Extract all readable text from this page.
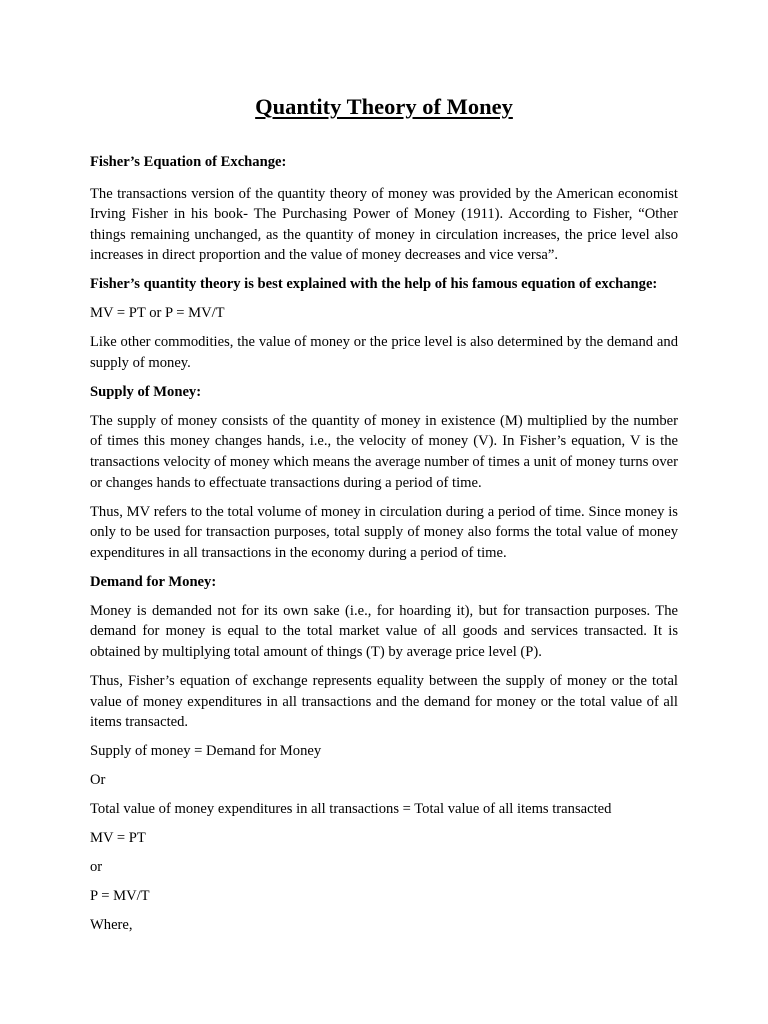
Quantity Theory of Money
Fisher’s Equation of Exchange:

The transactions version of the quantity theory of money was provided by the American economist Irving Fisher in his book- The Purchasing Power of Money (1911). According to Fisher, “Other things remaining unchanged, as the quantity of money in circulation increases, the price level also increases in direct proportion and the value of money decreases and vice versa”.

Fisher’s quantity theory is best explained with the help of his famous equation of exchange:
MV = PT or P = MV/T

Like other commodities, the value of money or the price level is also determined by the demand and supply of money.

Supply of Money:

The supply of money consists of the quantity of money in existence (M) multiplied by the number of times this money changes hands, i.e., the velocity of money (V). In Fisher’s equation, V is the transactions velocity of money which means the average number of times a unit of money turns over or changes hands to effectuate transactions during a period of time.

Thus, MV refers to the total volume of money in circulation during a period of time. Since money is only to be used for transaction purposes, total supply of money also forms the total value of money expenditures in all transactions in the economy during a period of time.

Demand for Money:

Money is demanded not for its own sake (i.e., for hoarding it), but for transaction purposes. The demand for money is equal to the total market value of all goods and services transacted. It is obtained by multiplying total amount of things (T) by average price level (P).

Thus, Fisher’s equation of exchange represents equality between the supply of money or the total value of money expenditures in all transactions and the demand for money or the total value of all items transacted.

Supply of money = Demand for Money
Or
Total value of money expenditures in all transactions = Total value of all items transacted
MV = PT
or
P = MV/T
Where,
